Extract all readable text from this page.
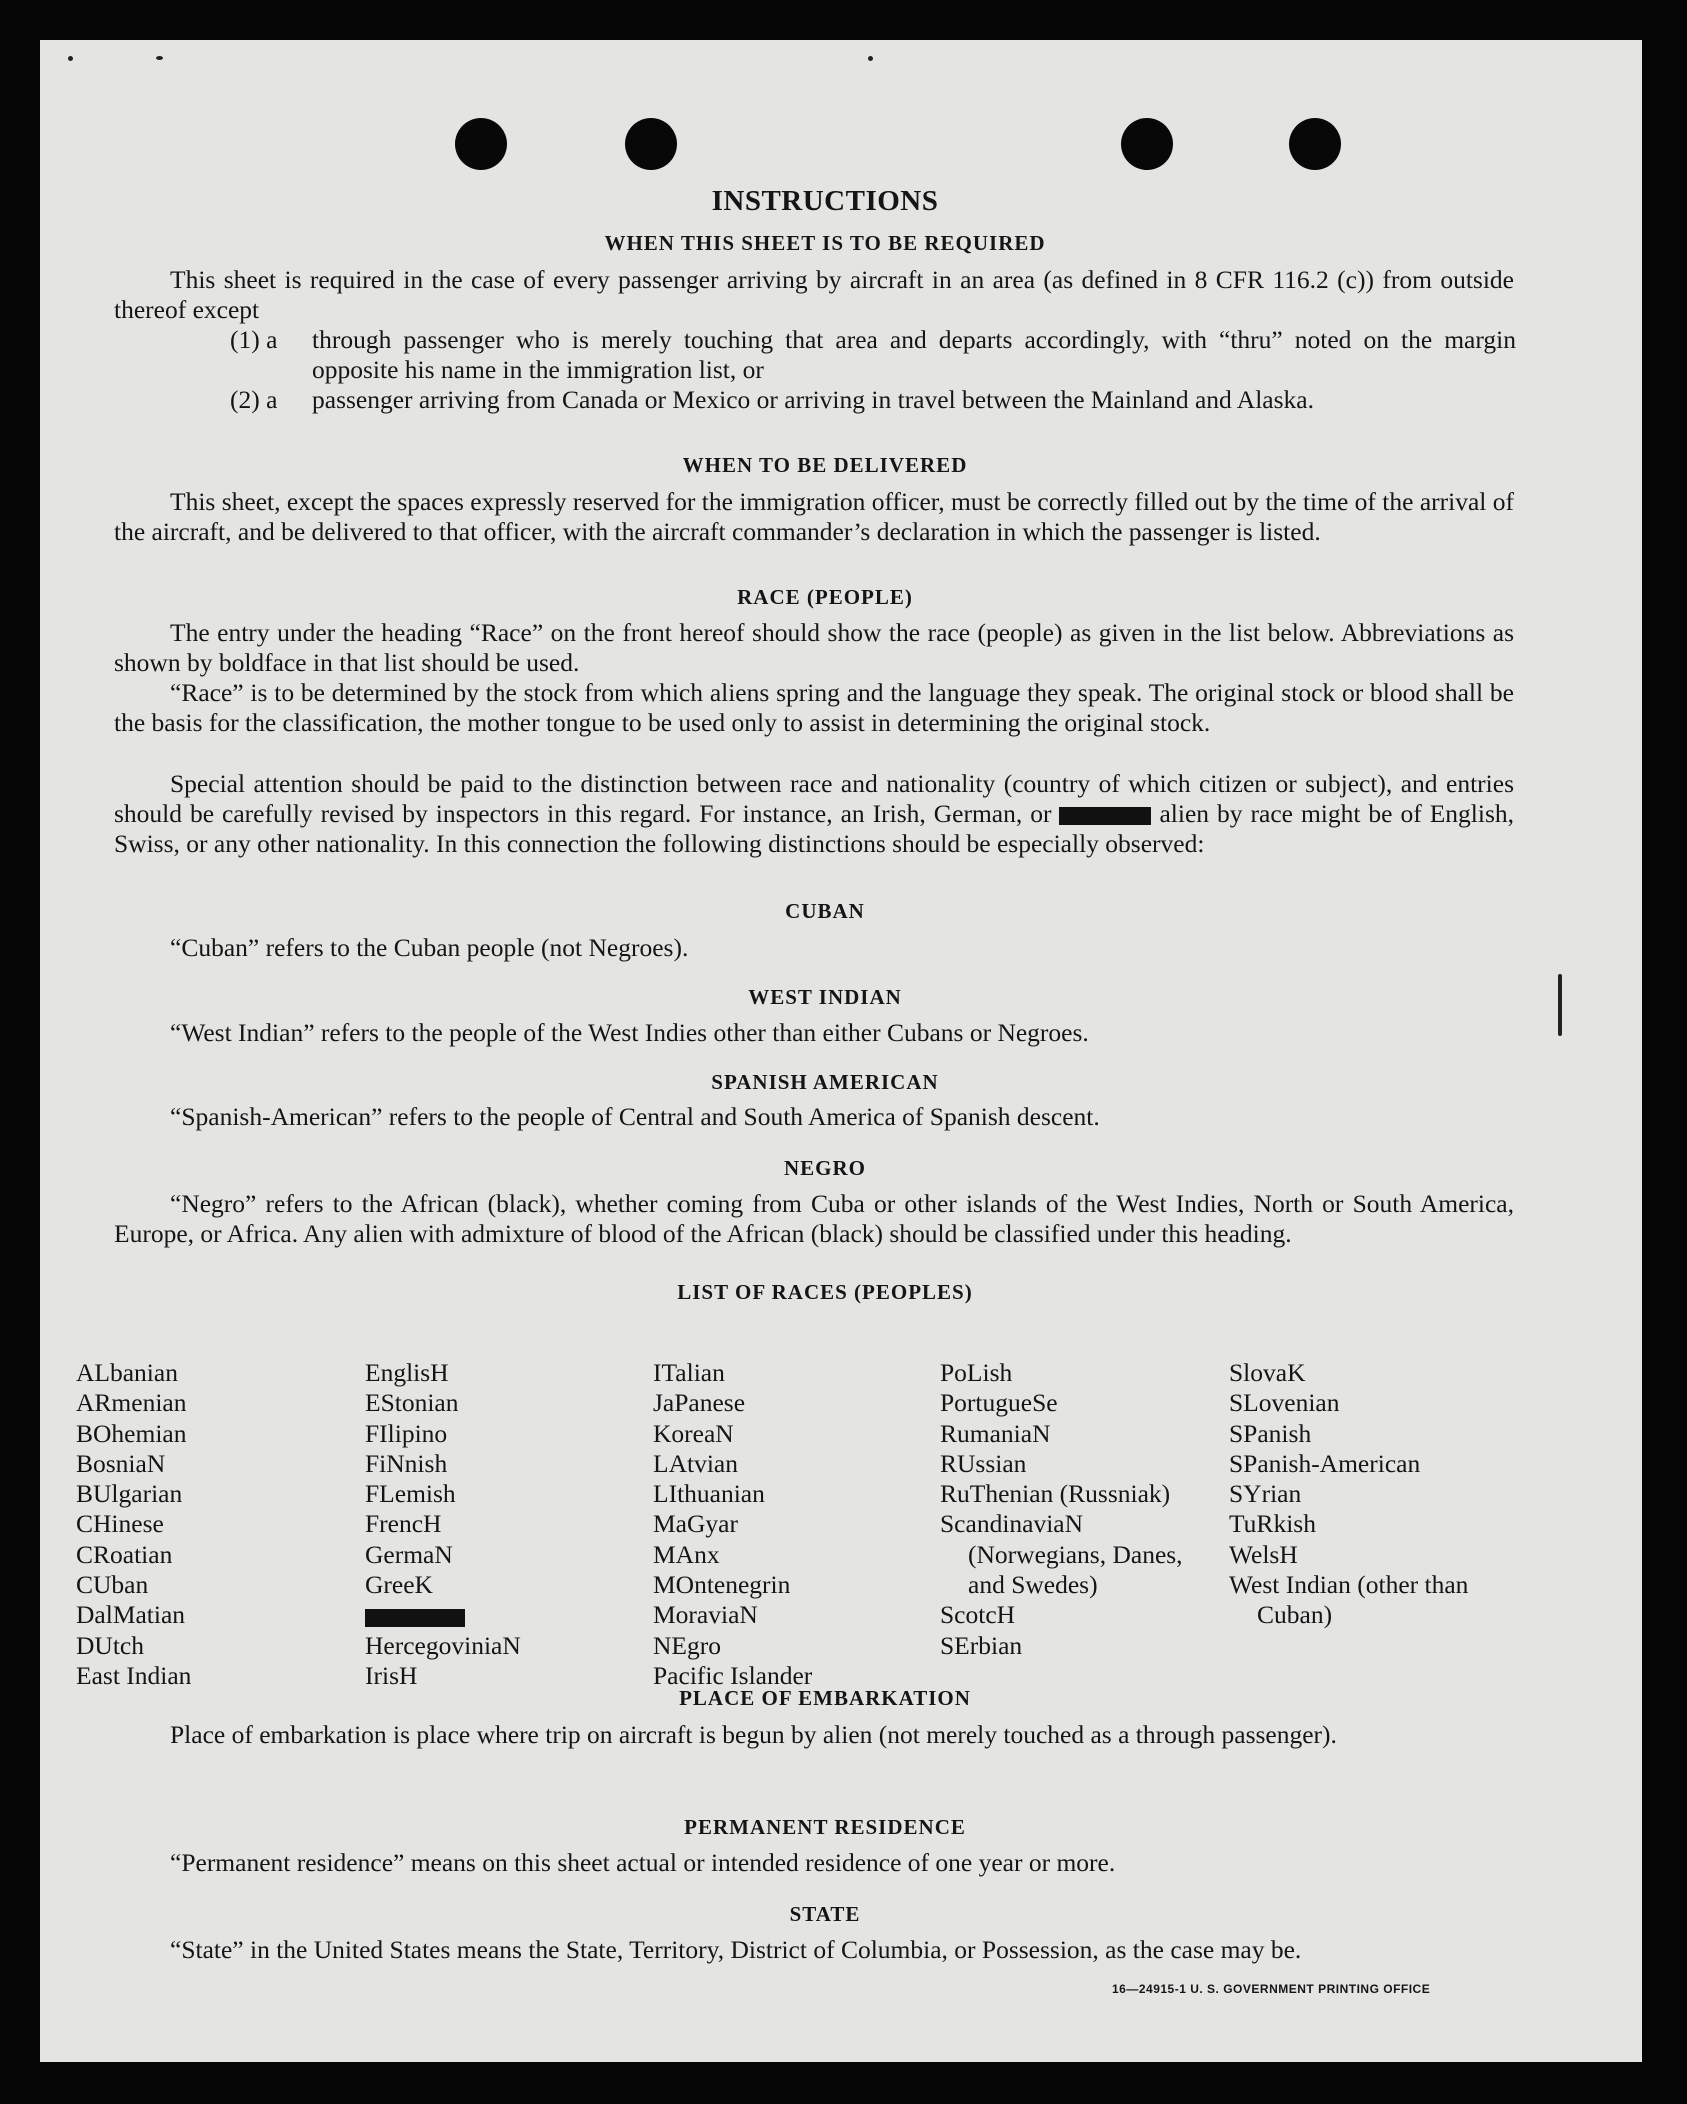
INSTRUCTIONS
WHEN THIS SHEET IS TO BE REQUIRED
This sheet is required in the case of every passenger arriving by aircraft in an area (as defined in 8 CFR 116.2 (c)) from outside thereof except
(1) a through passenger who is merely touching that area and departs accordingly, with “thru” noted on the margin opposite his name in the immigration list, or
(2) a passenger arriving from Canada or Mexico or arriving in travel between the Mainland and Alaska.
WHEN TO BE DELIVERED
This sheet, except the spaces expressly reserved for the immigration officer, must be correctly filled out by the time of the arrival of the aircraft, and be delivered to that officer, with the aircraft commander’s declaration in which the passenger is listed.
RACE (PEOPLE)
The entry under the heading “Race” on the front hereof should show the race (people) as given in the list below. Abbreviations as shown by boldface in that list should be used.
“Race” is to be determined by the stock from which aliens spring and the language they speak. The original stock or blood shall be the basis for the classification, the mother tongue to be used only to assist in determining the original stock.
Special attention should be paid to the distinction between race and nationality (country of which citizen or subject), and entries should be carefully revised by inspectors in this regard. For instance, an Irish, German, or	alien by race might be of English, Swiss, or any other nationality. In this connection the following distinctions should be especially observed:
CUBAN
“Cuban” refers to the Cuban people (not Negroes).
WEST INDIAN
“West Indian” refers to the people of the West Indies other than either Cubans or Negroes.
SPANISH AMERICAN
“Spanish-American” refers to the people of Central and South America of Spanish descent.
NEGRO
“Negro” refers to the African (black), whether coming from Cuba or other islands of the West Indies, North or South America, Europe, or Africa. Any alien with admixture of blood of the African (black) should be classified under this heading.
LIST OF RACES (PEOPLES)
ALbanian
ARmenian
BOhemian
BosniaN
BUlgarian
CHinese
CRoatian
CUban
DalMatian
DUtch
East Indian
EnglisH
EStonian
FIlipino
FiNnish
FLemish
FrencH
GermaN
GreeK
HercegoviniaN
IrisH
ITalian
JaPanese
KoreaN
LAtvian
LIthuanian
MaGyar
MAnx
MOntenegrin
MoraviaN
NEgro
Pacific Islander
PoLish
PortugueSe
RumaniaN
RUssian
RuThenian (Russniak)
ScandinaviaN (Norwegians, Danes, and Swedes)
ScotcH
SErbian
SlovaK
SLovenian
SPanish
SPanish-American
SYrian
TuRkish
WelsH
West Indian (other than Cuban)
PLACE OF EMBARKATION
Place of embarkation is place where trip on aircraft is begun by alien (not merely touched as a through passenger).
PERMANENT RESIDENCE
“Permanent residence” means on this sheet actual or intended residence of one year or more.
STATE
“State” in the United States means the State, Territory, District of Columbia, or Possession, as the case may be.
16—24915-1 U. S. GOVERNMENT PRINTING OFFICE
